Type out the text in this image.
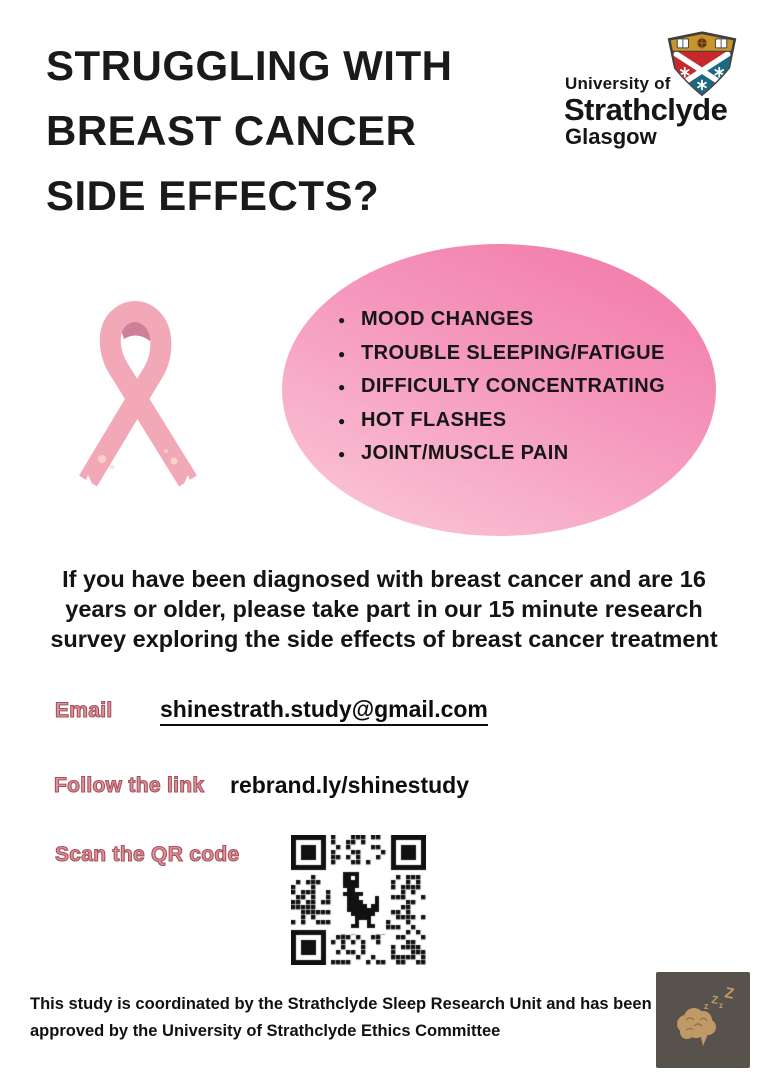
STRUGGLING WITH
BREAST CANCER
SIDE EFFECTS?
University of
Strathclyde
Glasgow
● MOOD CHANGES
● TROUBLE SLEEPING/FATIGUE
● DIFFICULTY CONCENTRATING
● HOT FLASHES
● JOINT/MUSCLE PAIN
If you have been diagnosed with breast cancer and are 16
years or older, please take part in our 15 minute research
survey exploring the side effects of breast cancer treatment
Email shinestrath.study@gmail.com
Follow the link rebrand.ly/shinestudy
Scan the QR code
This study is coordinated by the Strathclyde Sleep Research Unit and has been
approved by the University of Strathclyde Ethics Committee
z
z Z z
Z
